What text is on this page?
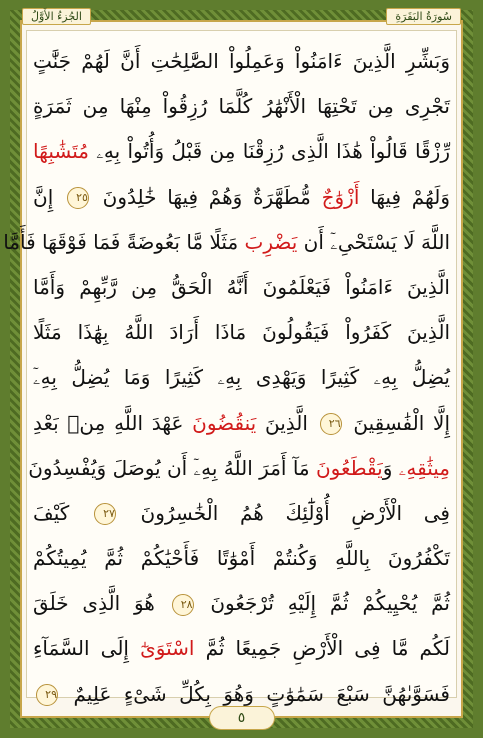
سُورَةُ البَقَرَةِ
الجُزءُ الأَوَّلُ
وَبَشِّرِ الَّذِينَ ءَامَنُواْ وَعَمِلُواْ الصَّٰلِحَٰتِ أَنَّ لَهُمْ جَنَّٰتٍ
تَجْرِى مِن تَحْتِهَا الْأَنْهَٰرُ كُلَّمَا رُزِقُواْ مِنْهَا مِن ثَمَرَةٍ
رِّزْقًا قَالُواْ هَٰذَا الَّذِى رُزِقْنَا مِن قَبْلُ وَأُتُواْ بِهِۦ مُتَشَٰبِهًا
وَلَهُمْ فِيهَا أَزْوَٰجٌ مُّطَهَّرَةٌ وَهُمْ فِيهَا خَٰلِدُونَ ٢٥ إِنَّ
اللَّهَ لَا يَسْتَحْىِۦٓ أَن يَضْرِبَ مَثَلًا مَّا بَعُوضَةً فَمَا فَوْقَهَا فَأَمَّا
الَّذِينَ ءَامَنُواْ فَيَعْلَمُونَ أَنَّهُ الْحَقُّ مِن رَّبِّهِمْ وَأَمَّا
الَّذِينَ كَفَرُواْ فَيَقُولُونَ مَاذَا أَرَادَ اللَّهُ بِهَٰذَا مَثَلًا
يُضِلُّ بِهِۦ كَثِيرًا وَيَهْدِى بِهِۦ كَثِيرًا وَمَا يُضِلُّ بِهِۦٓ
إِلَّا الْفَٰسِقِينَ ٢٦ الَّذِينَ يَنقُضُونَ عَهْدَ اللَّهِ مِنۢ بَعْدِ
مِيثَٰقِهِۦ وَيَقْطَعُونَ مَآ أَمَرَ اللَّهُ بِهِۦٓ أَن يُوصَلَ وَيُفْسِدُونَ
فِى الْأَرْضِ أُوْلَٰٓئِكَ هُمُ الْخَٰسِرُونَ ٢٧ كَيْفَ
تَكْفُرُونَ بِاللَّهِ وَكُنتُمْ أَمْوَٰتًا فَأَحْيَٰكُمْ ثُمَّ يُمِيتُكُمْ
ثُمَّ يُحْيِيكُمْ ثُمَّ إِلَيْهِ تُرْجَعُونَ ٢٨ هُوَ الَّذِى خَلَقَ
لَكُم مَّا فِى الْأَرْضِ جَمِيعًا ثُمَّ اسْتَوَىٰٓ إِلَى السَّمَآءِ
فَسَوَّىٰهُنَّ سَبْعَ سَمَٰوَٰتٍ وَهُوَ بِكُلِّ شَىْءٍ عَلِيمٌ ٢٩
٥
